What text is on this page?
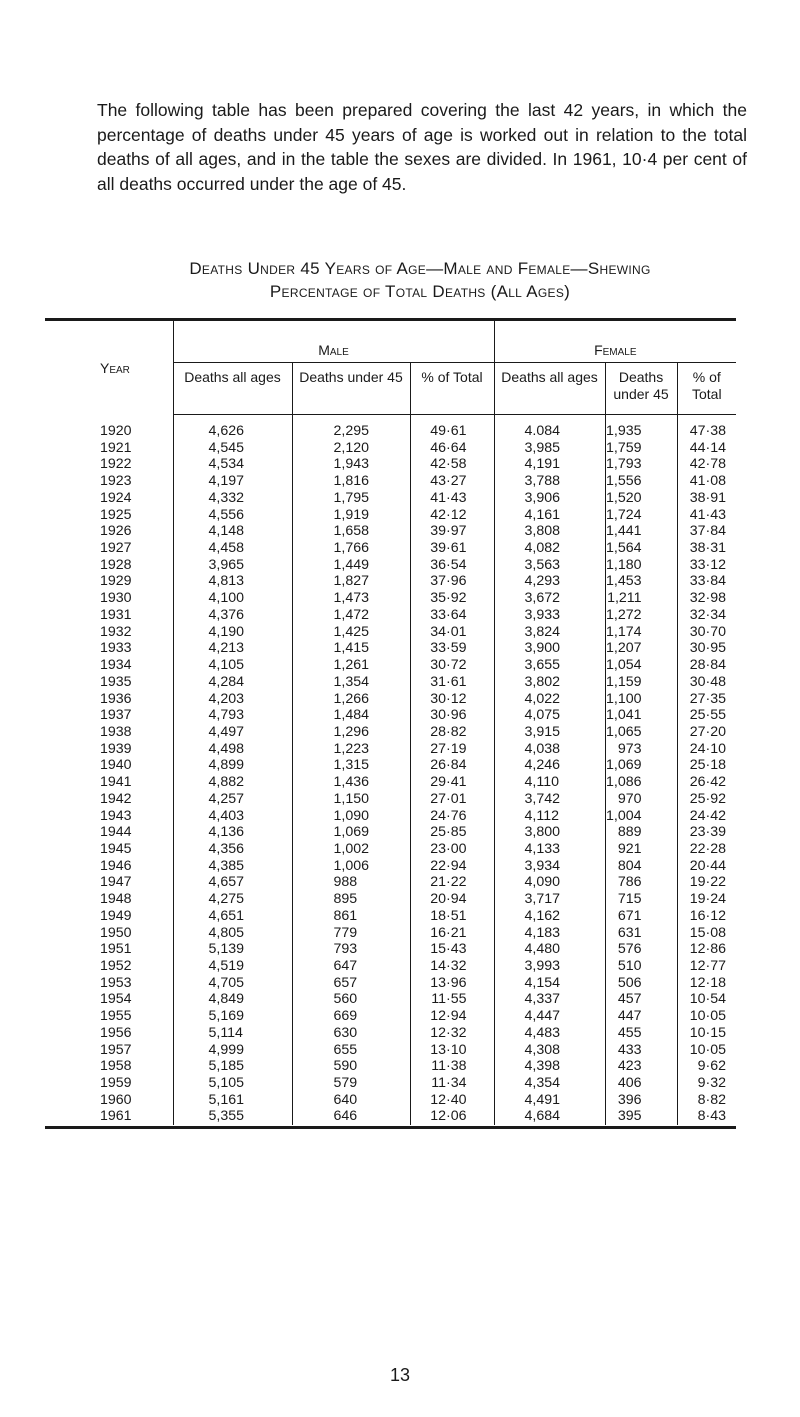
The following table has been prepared covering the last 42 years, in which the percentage of deaths under 45 years of age is worked out in relation to the total deaths of all ages, and in the table the sexes are divided. In 1961, 10·4 per cent of all deaths occurred under the age of 45.

Deaths Under 45 Years of Age—Male and Female—Shewing
Percentage of Total Deaths (All Ages)
Year	Male			Female		
	Deaths all ages	Deaths under 45	% of Total	Deaths all ages	Deaths under 45	% of Total
1920	4,626	2,295	49·61	4.084	1,935	47·38
1921	4,545	2,120	46·64	3,985	1,759	44·14
1922	4,534	1,943	42·58	4,191	1,793	42·78
1923	4,197	1,816	43·27	3,788	1,556	41·08
1924	4,332	1,795	41·43	3,906	1,520	38·91
1925	4,556	1,919	42·12	4,161	1,724	41·43
1926	4,148	1,658	39·97	3,808	1,441	37·84
1927	4,458	1,766	39·61	4,082	1,564	38·31
1928	3,965	1,449	36·54	3,563	1,180	33·12
1929	4,813	1,827	37·96	4,293	1,453	33·84
1930	4,100	1,473	35·92	3,672	1,211	32·98
1931	4,376	1,472	33·64	3,933	1,272	32·34
1932	4,190	1,425	34·01	3,824	1,174	30·70
1933	4,213	1,415	33·59	3,900	1,207	30·95
1934	4,105	1,261	30·72	3,655	1,054	28·84
1935	4,284	1,354	31·61	3,802	1,159	30·48
1936	4,203	1,266	30·12	4,022	1,100	27·35
1937	4,793	1,484	30·96	4,075	1,041	25·55
1938	4,497	1,296	28·82	3,915	1,065	27·20
1939	4,498	1,223	27·19	4,038	973	24·10
1940	4,899	1,315	26·84	4,246	1,069	25·18
1941	4,882	1,436	29·41	4,110	1,086	26·42
1942	4,257	1,150	27·01	3,742	970	25·92
1943	4,403	1,090	24·76	4,112	1,004	24·42
1944	4,136	1,069	25·85	3,800	889	23·39
1945	4,356	1,002	23·00	4,133	921	22·28
1946	4,385	1,006	22·94	3,934	804	20·44
1947	4,657	988	21·22	4,090	786	19·22
1948	4,275	895	20·94	3,717	715	19·24
1949	4,651	861	18·51	4,162	671	16·12
1950	4,805	779	16·21	4,183	631	15·08
1951	5,139	793	15·43	4,480	576	12·86
1952	4,519	647	14·32	3,993	510	12·77
1953	4,705	657	13·96	4,154	506	12·18
1954	4,849	560	11·55	4,337	457	10·54
1955	5,169	669	12·94	4,447	447	10·05
1956	5,114	630	12·32	4,483	455	10·15
1957	4,999	655	13·10	4,308	433	10·05
1958	5,185	590	11·38	4,398	423	9·62
1959	5,105	579	11·34	4,354	406	9·32
1960	5,161	640	12·40	4,491	396	8·82
1961	5,355	646	12·06	4,684	395	8·43
13
